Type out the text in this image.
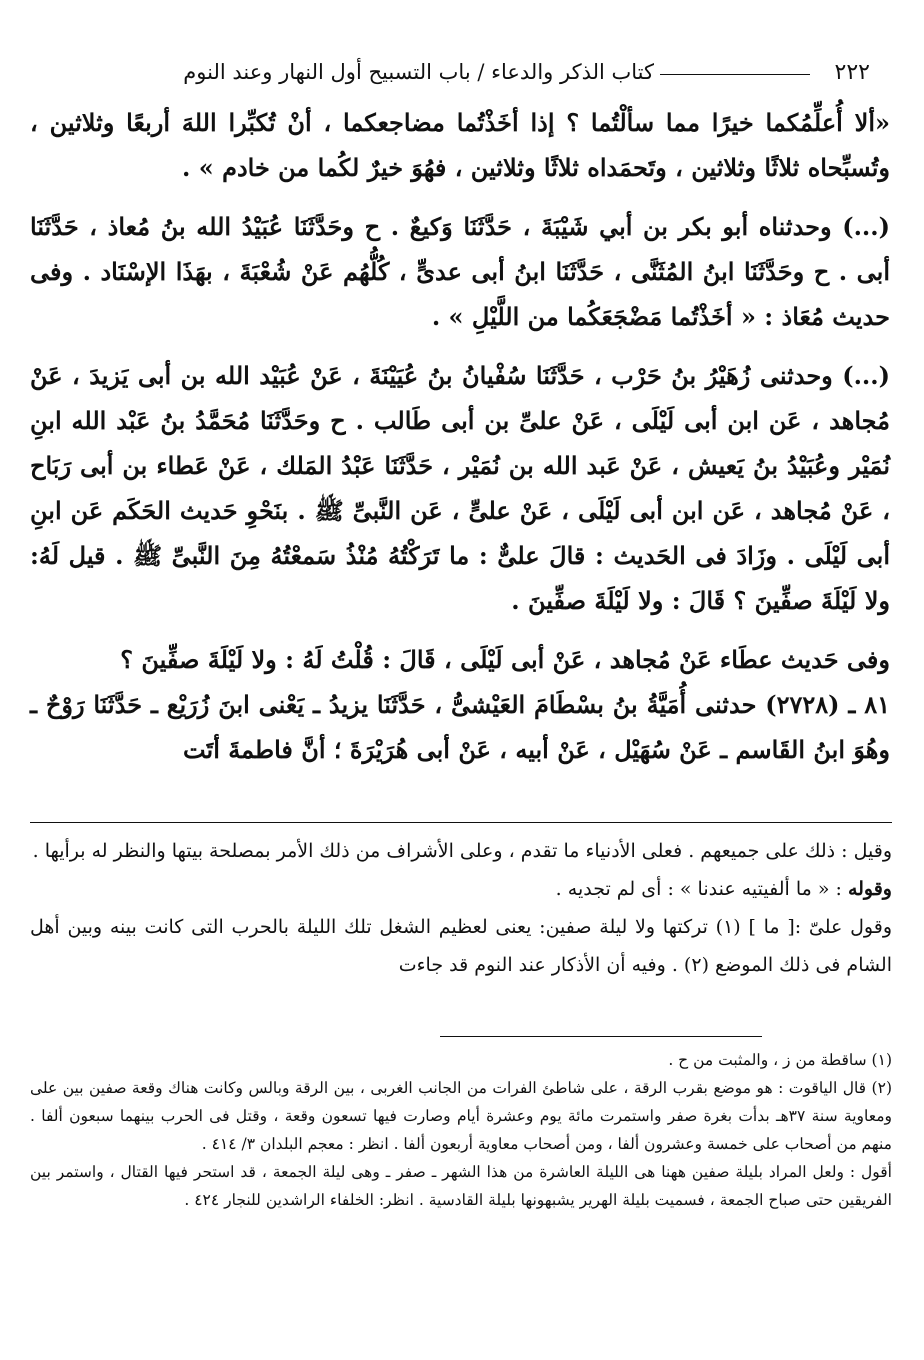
٢٢٢
كتاب الذكر والدعاء / باب التسبيح أول النهار وعند النوم

«ألا أُعلِّمُكما خيرًا مما سألْتُما ؟ إذا أخَذْتُما مضاجعكما ، أنْ تُكبِّرا اللهَ أربعًا وثلاثين ، وتُسبِّحاه ثلاثًا وثلاثين ، وتَحمَداه ثلاثًا وثلاثين ، فهُوَ خيرٌ لكُما من خادم » .

(...) وحدثناه أبو بكر بن أبي شَيْبَةَ ، حَدَّثَنَا وَكيعٌ . ح وحَدَّثَنَا عُبَيْدُ الله بنُ مُعاذ ، حَدَّثَنَا أبى . ح وحَدَّثَنَا ابنُ المُثَنَّى ، حَدَّثَنَا ابنُ أبى عدىٍّ ، كُلُّهُم عَنْ شُعْبَةَ ، بهَذَا الإسْنَاد . وفى حديث مُعَاذ : « أخَذْتُما مَضْجَعَكُما من اللَّيْلِ » .

(...) وحدثنى زُهَيْرُ بنُ حَرْب ، حَدَّثَنَا سُفْيانُ بنُ عُيَيْنَةَ ، عَنْ عُبَيْد الله بن أبى يَزيدَ ، عَنْ مُجاهد ، عَن ابن أبى لَيْلَى ، عَنْ علىِّ بن أبى طَالب . ح وحَدَّثَنَا مُحَمَّدُ بنُ عَبْد الله ابنِ نُمَيْر وعُبَيْدُ بنُ يَعيش ، عَنْ عَبد الله بن نُمَيْر ، حَدَّثَنَا عَبْدُ المَلك ، عَنْ عَطاء بن أبى رَبَاح ، عَنْ مُجاهد ، عَن ابن أبى لَيْلَى ، عَنْ علىٍّ ، عَن النَّبىِّ ﷺ . بنَحْوِ حَديث الحَكَم عَن ابنِ أبى لَيْلَى . وزَادَ فى الحَديث : قالَ علىٌّ : ما تَرَكْتُهُ مُنْذُ سَمعْتُهُ مِنَ النَّبىِّ ﷺ . قيل لَهُ: ولا لَيْلَةَ صفِّينَ ؟ قَالَ : ولا لَيْلَةَ صفِّينَ .

وفى حَديث عطَاء عَنْ مُجاهد ، عَنْ أبى لَيْلَى ، قَالَ : قُلْتُ لَهُ : ولا لَيْلَةَ صفِّينَ ؟

٨١ ـ (٢٧٢٨) حدثنى أُمَيَّةُ بنُ بسْطَامَ العَيْشىُّ ، حَدَّثَنَا يزيدُ ـ يَعْنى ابنَ زُرَيْع ـ حَدَّثَنَا رَوْحٌ ـ وهُوَ ابنُ القَاسم ـ عَنْ سُهَيْل ، عَنْ أبيه ، عَنْ أبى هُرَيْرَةَ ؛ أنَّ فاطمةَ أتَت

وقيل : ذلك على جميعهم . فعلى الأدنياء ما تقدم ، وعلى الأشراف من ذلك الأمر بمصلحة بيتها والنظر له برأيها .

وقوله : « ما ألفيتيه عندنا » : أى لم تجديه .

وقول علىّ :[ ما ] (١) تركتها ولا ليلة صفين: يعنى لعظيم الشغل تلك الليلة بالحرب التى كانت بينه وبين أهل الشام فى ذلك الموضع (٢) . وفيه أن الأذكار عند النوم قد جاءت

(١) ساقطة من ز ، والمثبت من ح .

(٢) قال الياقوت : هو موضع بقرب الرقة ، على شاطئ الفرات من الجانب الغربى ، بين الرقة وبالس وكانت هناك وقعة صفين بين على ومعاوية سنة ٣٧هـ بدأت بغرة صفر واستمرت مائة يوم وعشرة أيام وصارت فيها تسعون وقعة ، وقتل فى الحرب بينهما سبعون ألفا . منهم من أصحاب على خمسة وعشرون ألفا ، ومن أصحاب معاوية أربعون ألفا . انظر : معجم البلدان ٣/ ٤١٤ .

أقول : ولعل المراد بليلة صفين ههنا هى الليلة العاشرة من هذا الشهر ـ صفر ـ وهى ليلة الجمعة ، قد استحر فيها القتال ، واستمر بين الفريقين حتى صباح الجمعة ، فسميت بليلة الهرير يشبهونها بليلة القادسية . انظر: الخلفاء الراشدين للنجار ٤٢٤ .
